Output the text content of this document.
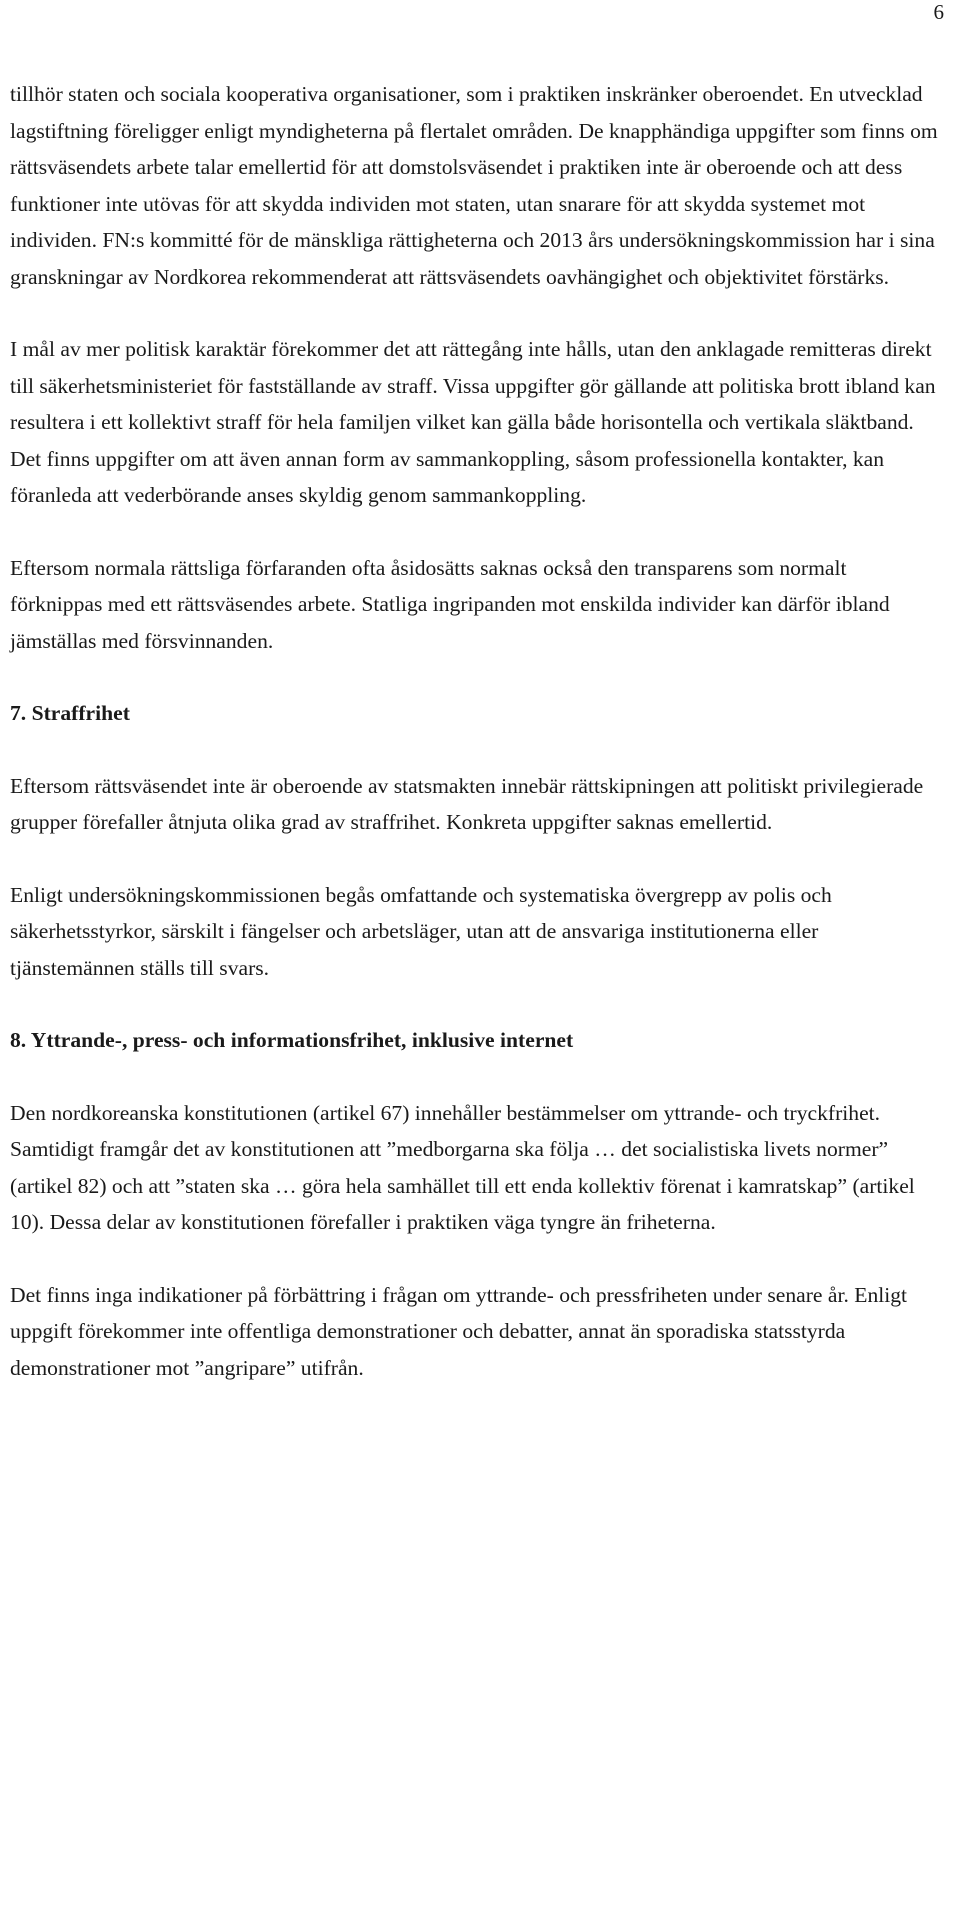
6

tillhör staten och sociala kooperativa organisationer, som i praktiken inskränker oberoendet. En utvecklad lagstiftning föreligger enligt myndigheterna på flertalet områden. De knapphändiga uppgifter som finns om rättsväsendets arbete talar emellertid för att domstolsväsendet i praktiken inte är oberoende och att dess funktioner inte utövas för att skydda individen mot staten, utan snarare för att skydda systemet mot individen. FN:s kommitté för de mänskliga rättigheterna och 2013 års undersökningskommission har i sina granskningar av Nordkorea rekommenderat att rättsväsendets oavhängighet och objektivitet förstärks.

I mål av mer politisk karaktär förekommer det att rättegång inte hålls, utan den anklagade remitteras direkt till säkerhetsministeriet för fastställande av straff. Vissa uppgifter gör gällande att politiska brott ibland kan resultera i ett kollektivt straff för hela familjen vilket kan gälla både horisontella och vertikala släktband. Det finns uppgifter om att även annan form av sammankoppling, såsom professionella kontakter, kan föranleda att vederbörande anses skyldig genom sammankoppling.

Eftersom normala rättsliga förfaranden ofta åsidosätts saknas också den transparens som normalt förknippas med ett rättsväsendes arbete. Statliga ingripanden mot enskilda individer kan därför ibland jämställas med försvinnanden.

7. Straffrihet

Eftersom rättsväsendet inte är oberoende av statsmakten innebär rättskipningen att politiskt privilegierade grupper förefaller åtnjuta olika grad av straffrihet. Konkreta uppgifter saknas emellertid.

Enligt undersökningskommissionen begås omfattande och systematiska övergrepp av polis och säkerhetsstyrkor, särskilt i fängelser och arbetsläger, utan att de ansvariga institutionerna eller tjänstemännen ställs till svars.

8. Yttrande-, press- och informationsfrihet, inklusive internet

Den nordkoreanska konstitutionen (artikel 67) innehåller bestämmelser om yttrande- och tryckfrihet. Samtidigt framgår det av konstitutionen att ”medborgarna ska följa … det socialistiska livets normer” (artikel 82) och att ”staten ska … göra hela samhället till ett enda kollektiv förenat i kamratskap” (artikel 10). Dessa delar av konstitutionen förefaller i praktiken väga tyngre än friheterna.

Det finns inga indikationer på förbättring i frågan om yttrande- och pressfriheten under senare år. Enligt uppgift förekommer inte offentliga demonstrationer och debatter, annat än sporadiska statsstyrda demonstrationer mot ”angripare” utifrån.
